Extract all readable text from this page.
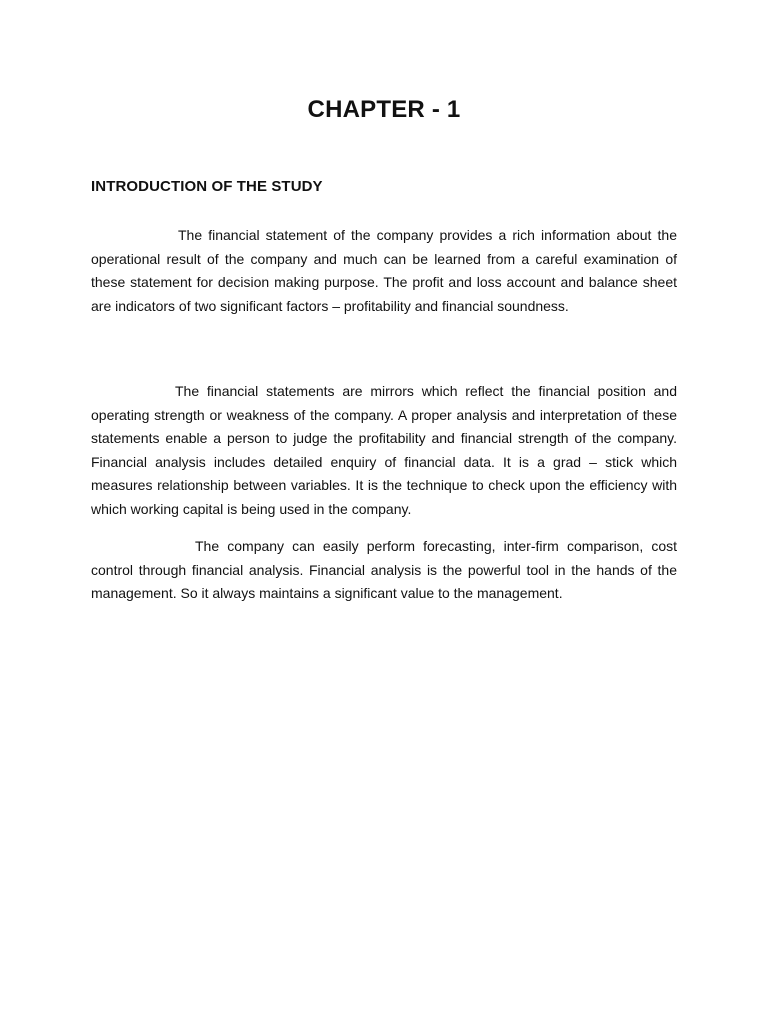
CHAPTER - 1
INTRODUCTION OF THE STUDY

The financial statement of the company provides a rich information about the operational result of the company and much can be learned from a careful examination of these statement for decision making purpose. The profit and loss account and balance sheet are indicators of two significant factors – profitability and financial soundness.

The financial statements are mirrors which reflect the financial position and operating strength or weakness of the company. A proper analysis and interpretation of these statements enable a person to judge the profitability and financial strength of the company. Financial analysis includes detailed enquiry of financial data. It is a grad – stick which measures relationship between variables. It is the technique to check upon the efficiency with which working capital is being used in the company.

The company can easily perform forecasting, inter-firm comparison, cost control through financial analysis. Financial analysis is the powerful tool in the hands of the management. So it always maintains a significant value to the management.
